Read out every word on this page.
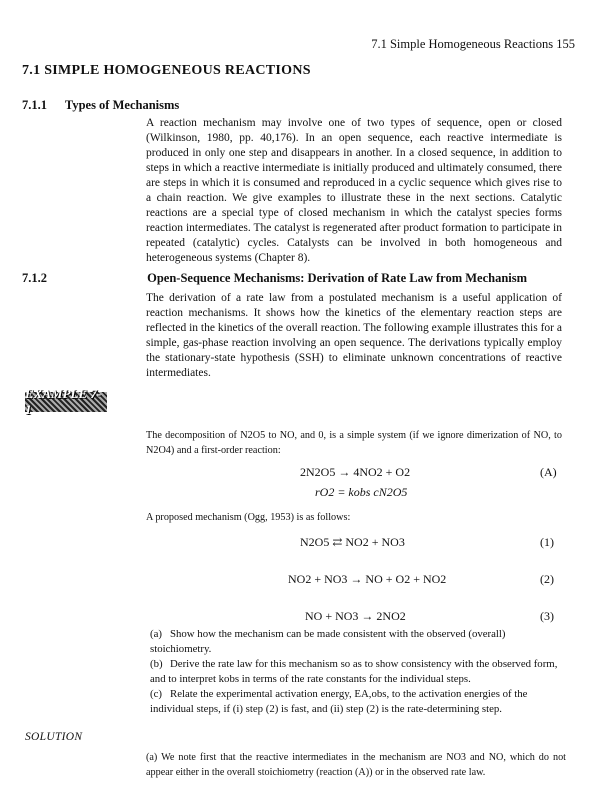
7.1 Simple Homogeneous Reactions 155
7.1 SIMPLE HOMOGENEOUS REACTIONS
7.1.1 Types of Mechanisms
A reaction mechanism may involve one of two types of sequence, open or closed (Wilkinson, 1980, pp. 40,176). In an open sequence, each reactive intermediate is produced in only one step and disappears in another. In a closed sequence, in addition to steps in which a reactive intermediate is initially produced and ultimately consumed, there are steps in which it is consumed and reproduced in a cyclic sequence which gives rise to a chain reaction. We give examples to illustrate these in the next sections. Catalytic reactions are a special type of closed mechanism in which the catalyst species forms reaction intermediates. The catalyst is regenerated after product formation to participate in repeated (catalytic) cycles. Catalysts can be involved in both homogeneous and heterogeneous systems (Chapter 8).
7.1.2	Open-Sequence Mechanisms: Derivation of Rate Law from Mechanism
The derivation of a rate law from a postulated mechanism is a useful application of reaction mechanisms. It shows how the kinetics of the elementary reaction steps are reflected in the kinetics of the overall reaction. The following example illustrates this for a simple, gas-phase reaction involving an open sequence. The derivations typically employ the stationary-state hypothesis (SSH) to eliminate unknown concentrations of reactive intermediates.
EXAMPLE 7-1
The decomposition of N2O5 to NO, and 0, is a simple system (if we ignore dimerization of NO, to N2O4) and a first-order reaction:
2N2O5 → 4NO2 + O2	(A)
rO2 = kobs cN2O5
A proposed mechanism (Ogg, 1953) is as follows:
N2O5 ⇄ NO2 + NO3	(1)
NO2 + NO3 → NO + O2 + NO2	(2)
NO + NO3 → 2NO2	(3)
(a) Show how the mechanism can be made consistent with the observed (overall) stoichiometry.
(b) Derive the rate law for this mechanism so as to show consistency with the observed form, and to interpret kobs in terms of the rate constants for the individual steps.
(c) Relate the experimental activation energy, EA,obs, to the activation energies of the individual steps, if (i) step (2) is fast, and (ii) step (2) is the rate-determining step.
SOLUTION
(a) We note first that the reactive intermediates in the mechanism are NO3 and NO, which do not appear either in the overall stoichiometry (reaction (A)) or in the observed rate law.
